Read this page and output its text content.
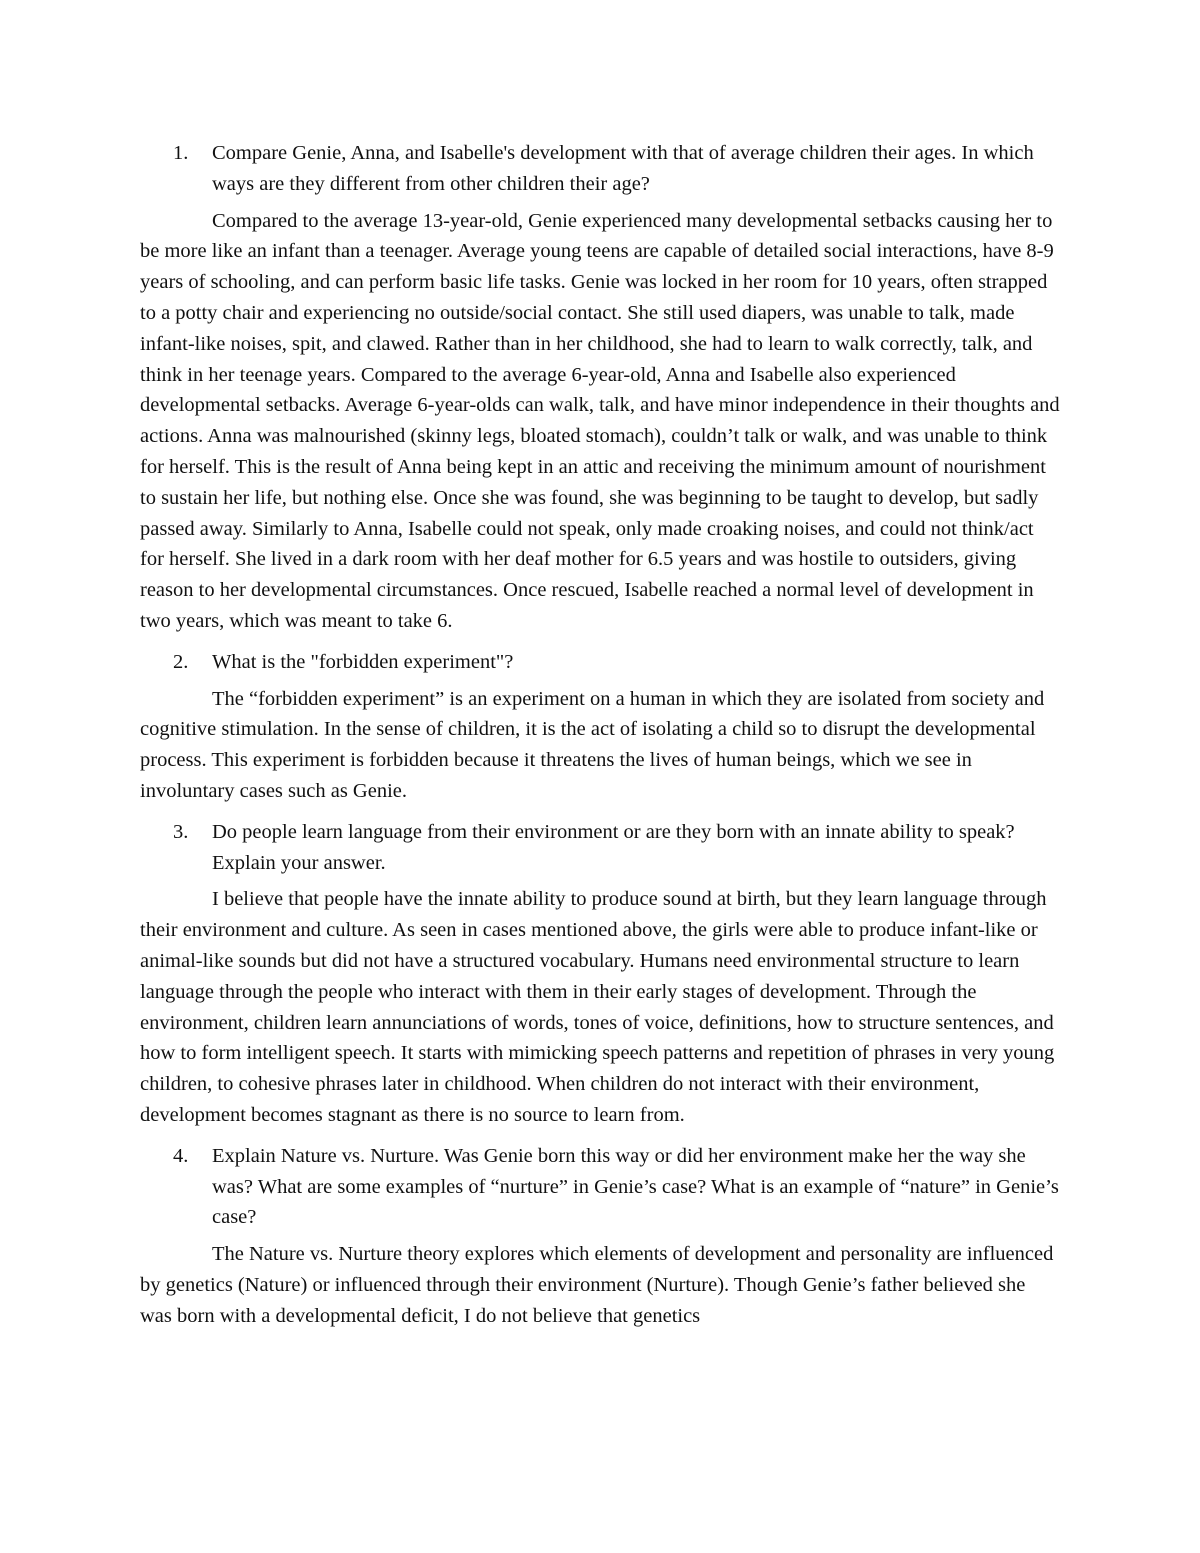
1. Compare Genie, Anna, and Isabelle's development with that of average children their ages. In which ways are they different from other children their age?

Compared to the average 13-year-old, Genie experienced many developmental setbacks causing her to be more like an infant than a teenager. Average young teens are capable of detailed social interactions, have 8-9 years of schooling, and can perform basic life tasks. Genie was locked in her room for 10 years, often strapped to a potty chair and experiencing no outside/social contact. She still used diapers, was unable to talk, made infant-like noises, spit, and clawed. Rather than in her childhood, she had to learn to walk correctly, talk, and think in her teenage years. Compared to the average 6-year-old, Anna and Isabelle also experienced developmental setbacks. Average 6-year-olds can walk, talk, and have minor independence in their thoughts and actions. Anna was malnourished (skinny legs, bloated stomach), couldn’t talk or walk, and was unable to think for herself. This is the result of Anna being kept in an attic and receiving the minimum amount of nourishment to sustain her life, but nothing else. Once she was found, she was beginning to be taught to develop, but sadly passed away. Similarly to Anna, Isabelle could not speak, only made croaking noises, and could not think/act for herself. She lived in a dark room with her deaf mother for 6.5 years and was hostile to outsiders, giving reason to her developmental circumstances. Once rescued, Isabelle reached a normal level of development in two years, which was meant to take 6.

2. What is the "forbidden experiment"?

The “forbidden experiment” is an experiment on a human in which they are isolated from society and cognitive stimulation. In the sense of children, it is the act of isolating a child so to disrupt the developmental process. This experiment is forbidden because it threatens the lives of human beings, which we see in involuntary cases such as Genie.

3. Do people learn language from their environment or are they born with an innate ability to speak? Explain your answer.

I believe that people have the innate ability to produce sound at birth, but they learn language through their environment and culture. As seen in cases mentioned above, the girls were able to produce infant-like or animal-like sounds but did not have a structured vocabulary. Humans need environmental structure to learn language through the people who interact with them in their early stages of development. Through the environment, children learn annunciations of words, tones of voice, definitions, how to structure sentences, and how to form intelligent speech. It starts with mimicking speech patterns and repetition of phrases in very young children, to cohesive phrases later in childhood. When children do not interact with their environment, development becomes stagnant as there is no source to learn from.

4. Explain Nature vs. Nurture. Was Genie born this way or did her environment make her the way she was? What are some examples of “nurture” in Genie’s case? What is an example of “nature” in Genie’s case?

The Nature vs. Nurture theory explores which elements of development and personality are influenced by genetics (Nature) or influenced through their environment (Nurture). Though Genie’s father believed she was born with a developmental deficit, I do not believe that genetics
